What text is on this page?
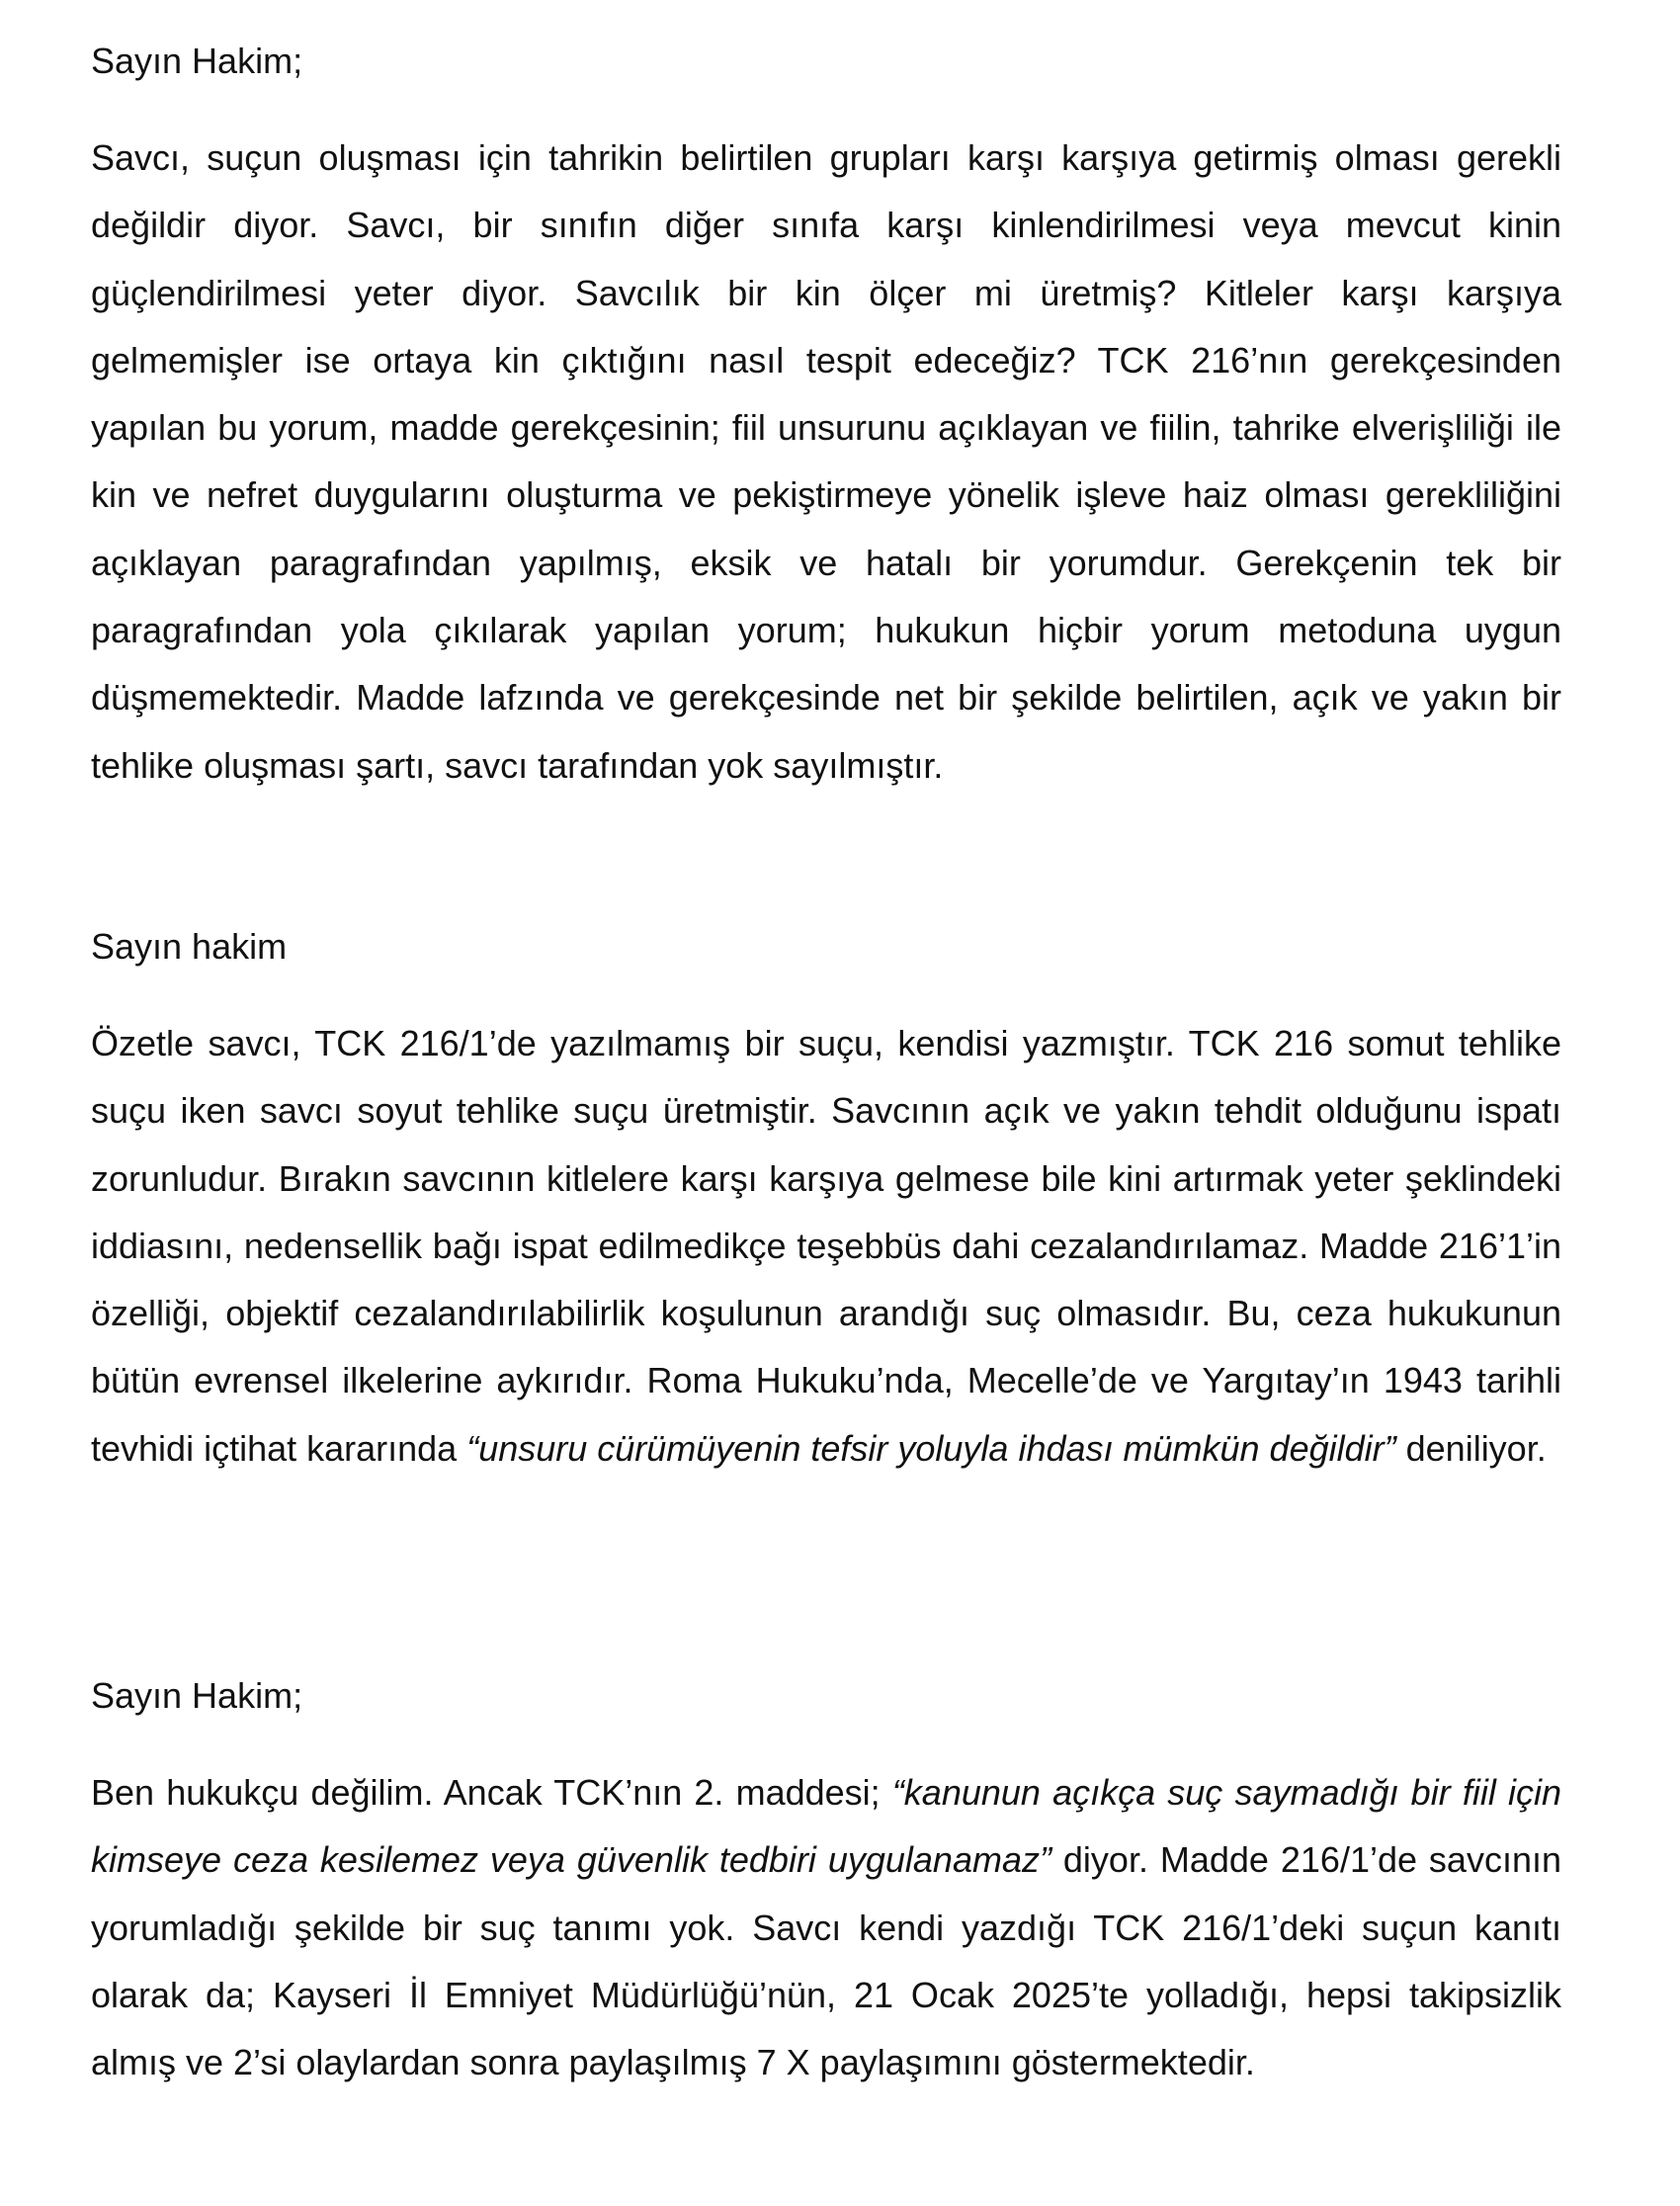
Sayın Hakim;

Savcı, suçun oluşması için tahrikin belirtilen grupları karşı karşıya getirmiş olması gerekli değildir diyor. Savcı, bir sınıfın diğer sınıfa karşı kinlendirilmesi veya mevcut kinin güçlendirilmesi yeter diyor. Savcılık bir kin ölçer mi üretmiş? Kitleler karşı karşıya gelmemişler ise ortaya kin çıktığını nasıl tespit edeceğiz? TCK 216’nın gerekçesinden yapılan bu yorum, madde gerekçesinin; fiil unsurunu açıklayan ve fiilin, tahrike elverişliliği ile kin ve nefret duygularını oluşturma ve pekiştirmeye yönelik işleve haiz olması gerekliliğini açıklayan paragrafından yapılmış, eksik ve hatalı bir yorumdur. Gerekçenin tek bir paragrafından yola çıkılarak yapılan yorum; hukukun hiçbir yorum metoduna uygun düşmemektedir. Madde lafzında ve gerekçesinde net bir şekilde belirtilen, açık ve yakın bir tehlike oluşması şartı, savcı tarafından yok sayılmıştır.

Sayın hakim

Özetle savcı, TCK 216/1’de yazılmamış bir suçu, kendisi yazmıştır. TCK 216 somut tehlike suçu iken savcı soyut tehlike suçu üretmiştir. Savcının açık ve yakın tehdit olduğunu ispatı zorunludur. Bırakın savcının kitlelere karşı karşıya gelmese bile kini artırmak yeter şeklindeki iddiasını, nedensellik bağı ispat edilmedikçe teşebbüs dahi cezalandırılamaz. Madde 216’1’in özelliği, objektif cezalandırılabilirlik koşulunun arandığı suç olmasıdır. Bu, ceza hukukunun bütün evrensel ilkelerine aykırıdır. Roma Hukuku’nda, Mecelle’de ve Yargıtay’ın 1943 tarihli tevhidi içtihat kararında “unsuru cürümüyenin tefsir yoluyla ihdası mümkün değildir” deniliyor.

Sayın Hakim;

Ben hukukçu değilim. Ancak TCK’nın 2. maddesi; “kanunun açıkça suç saymadığı bir fiil için kimseye ceza kesilemez veya güvenlik tedbiri uygulanamaz” diyor. Madde 216/1’de savcının yorumladığı şekilde bir suç tanımı yok. Savcı kendi yazdığı TCK 216/1’deki suçun kanıtı olarak da; Kayseri İl Emniyet Müdürlüğü’nün, 21 Ocak 2025’te yolladığı, hepsi takipsizlik almış ve 2’si olaylardan sonra paylaşılmış 7 X paylaşımını göstermektedir.
